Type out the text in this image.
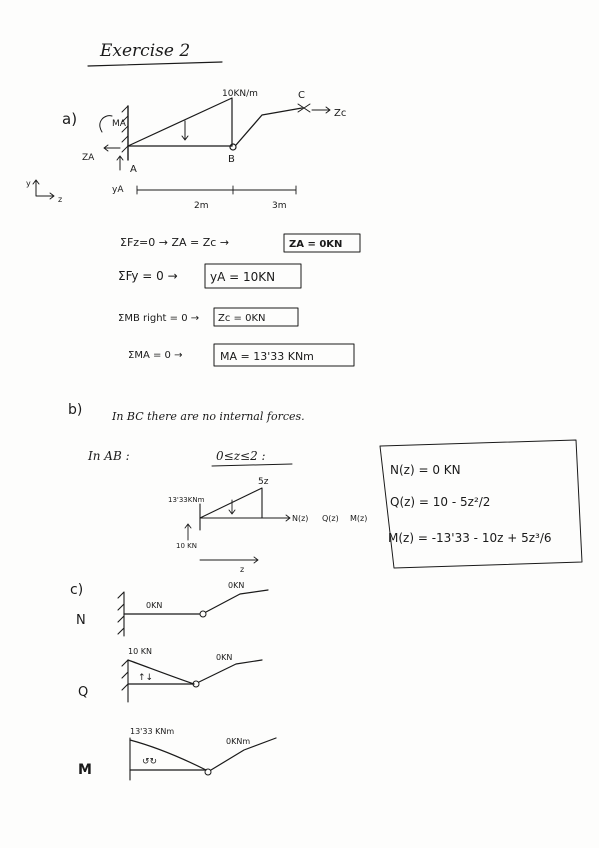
Exercise 2
a)
10KN/m	C
Zc
B
A
MA
ZA
yA
y
z
2m	3m
ΣFz=0 → ZA = Zc →	ZA = 0KN
ΣFy = 0 →	yA = 10KN
ΣMB right = 0 → Zc = 0KN
ΣMA = 0 →	MA = 13'33 KNm
b)	In BC there are no internal forces.
In AB :	0≤z≤2 :
13'33KNm
5z
N(z) Q(z) M(z)
10 KN
z
N(z) = 0 KN
Q(z) = 10 - 5z²/2
M(z) = -13'33 - 10z + 5z³/6
c)
N
0KN
0KN
Q
10 KN
↑↓
0KN
M
13'33 KNm
↺↻
0KNm
